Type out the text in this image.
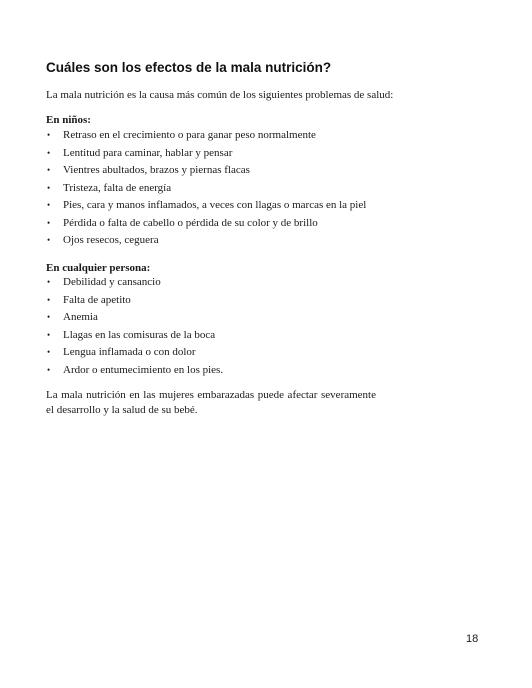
Cuáles son los efectos de la mala nutrición?

La mala nutrición es la causa más común de los siguientes problemas de salud:

En niños:

• Retraso en el crecimiento o para ganar peso normalmente
• Lentitud para caminar, hablar y pensar
• Vientres abultados, brazos y piernas flacas
• Tristeza, falta de energía
• Pies, cara y manos inflamados, a veces con llagas o marcas en la piel
• Pérdida o falta de cabello o pérdida de su color y de brillo
• Ojos resecos, ceguera

En cualquier persona:

• Debilidad y cansancio
• Falta de apetito
• Anemia
• Llagas en las comisuras de la boca
• Lengua inflamada o con dolor
• Ardor o entumecimiento en los pies.

La mala nutrición en las mujeres embarazadas puede afectar severamente el desarrollo y la salud de su bebé.

18
